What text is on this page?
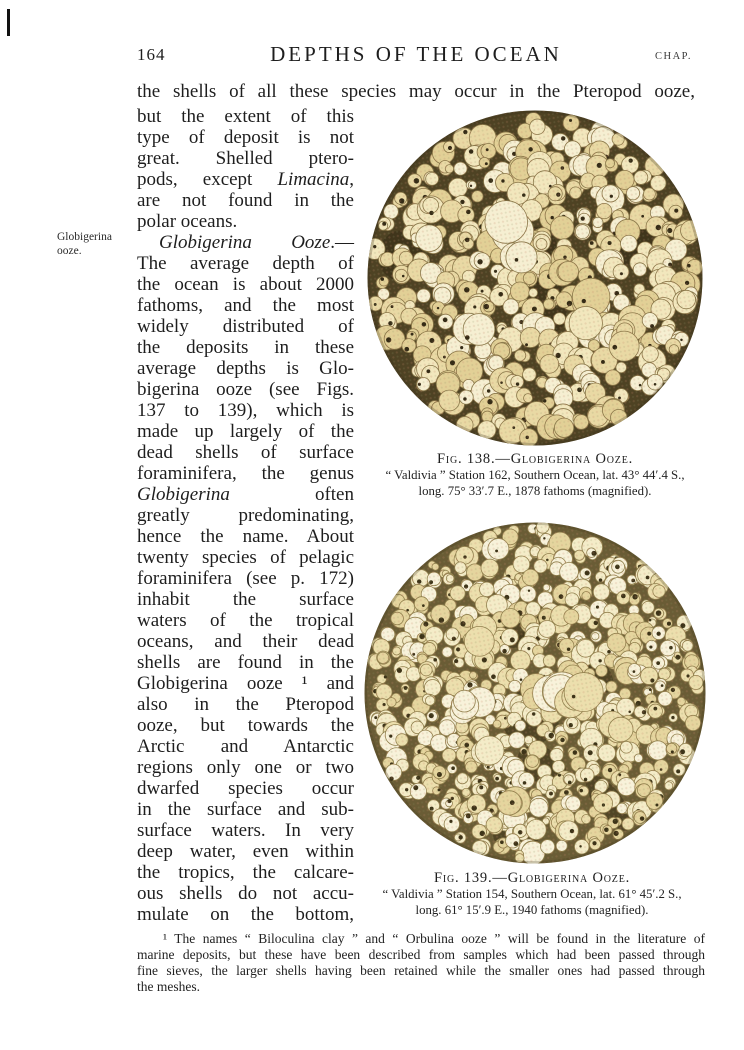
164	DEPTHS OF THE OCEAN	CHAP.
the shells of all these species may occur in the Pteropod ooze,
Globigerina
ooze.
but the extent of this
type of deposit is not
great. Shelled ptero-
pods, except Limacina,
are not found in the
polar oceans.
Globigerina Ooze.—
The average depth of
the ocean is about 2000
fathoms, and the most
widely distributed of
the deposits in these
average depths is Glo-
bigerina ooze (see Figs.
137 to 139), which is
made up largely of the
dead shells of surface
foraminifera, the genus
Globigerina often
greatly predominating,
hence the name. About
twenty species of pelagic
foraminifera (see p. 172)
inhabit the surface
waters of the tropical
oceans, and their dead
shells are found in the
Globigerina ooze ¹ and
also in the Pteropod
ooze, but towards the
Arctic and Antarctic
regions only one or two
dwarfed species occur
in the surface and sub-
surface waters. In very
deep water, even within
the tropics, the calcare-
ous shells do not accu-
mulate on the bottom,
Fig. 138.—Globigerina Ooze.
“ Valdivia ” Station 162, Southern Ocean, lat. 43° 44′.4 S.,
long. 75° 33′.7 E., 1878 fathoms (magnified).
Fig. 139.—Globigerina Ooze.
“ Valdivia ” Station 154, Southern Ocean, lat. 61° 45′.2 S.,
long. 61° 15′.9 E., 1940 fathoms (magnified).
¹ The names “ Biloculina clay ” and “ Orbulina ooze ” will be found in the literature of
marine deposits, but these have been described from samples which had been passed through
fine sieves, the larger shells having been retained while the smaller ones had passed through
the meshes.
